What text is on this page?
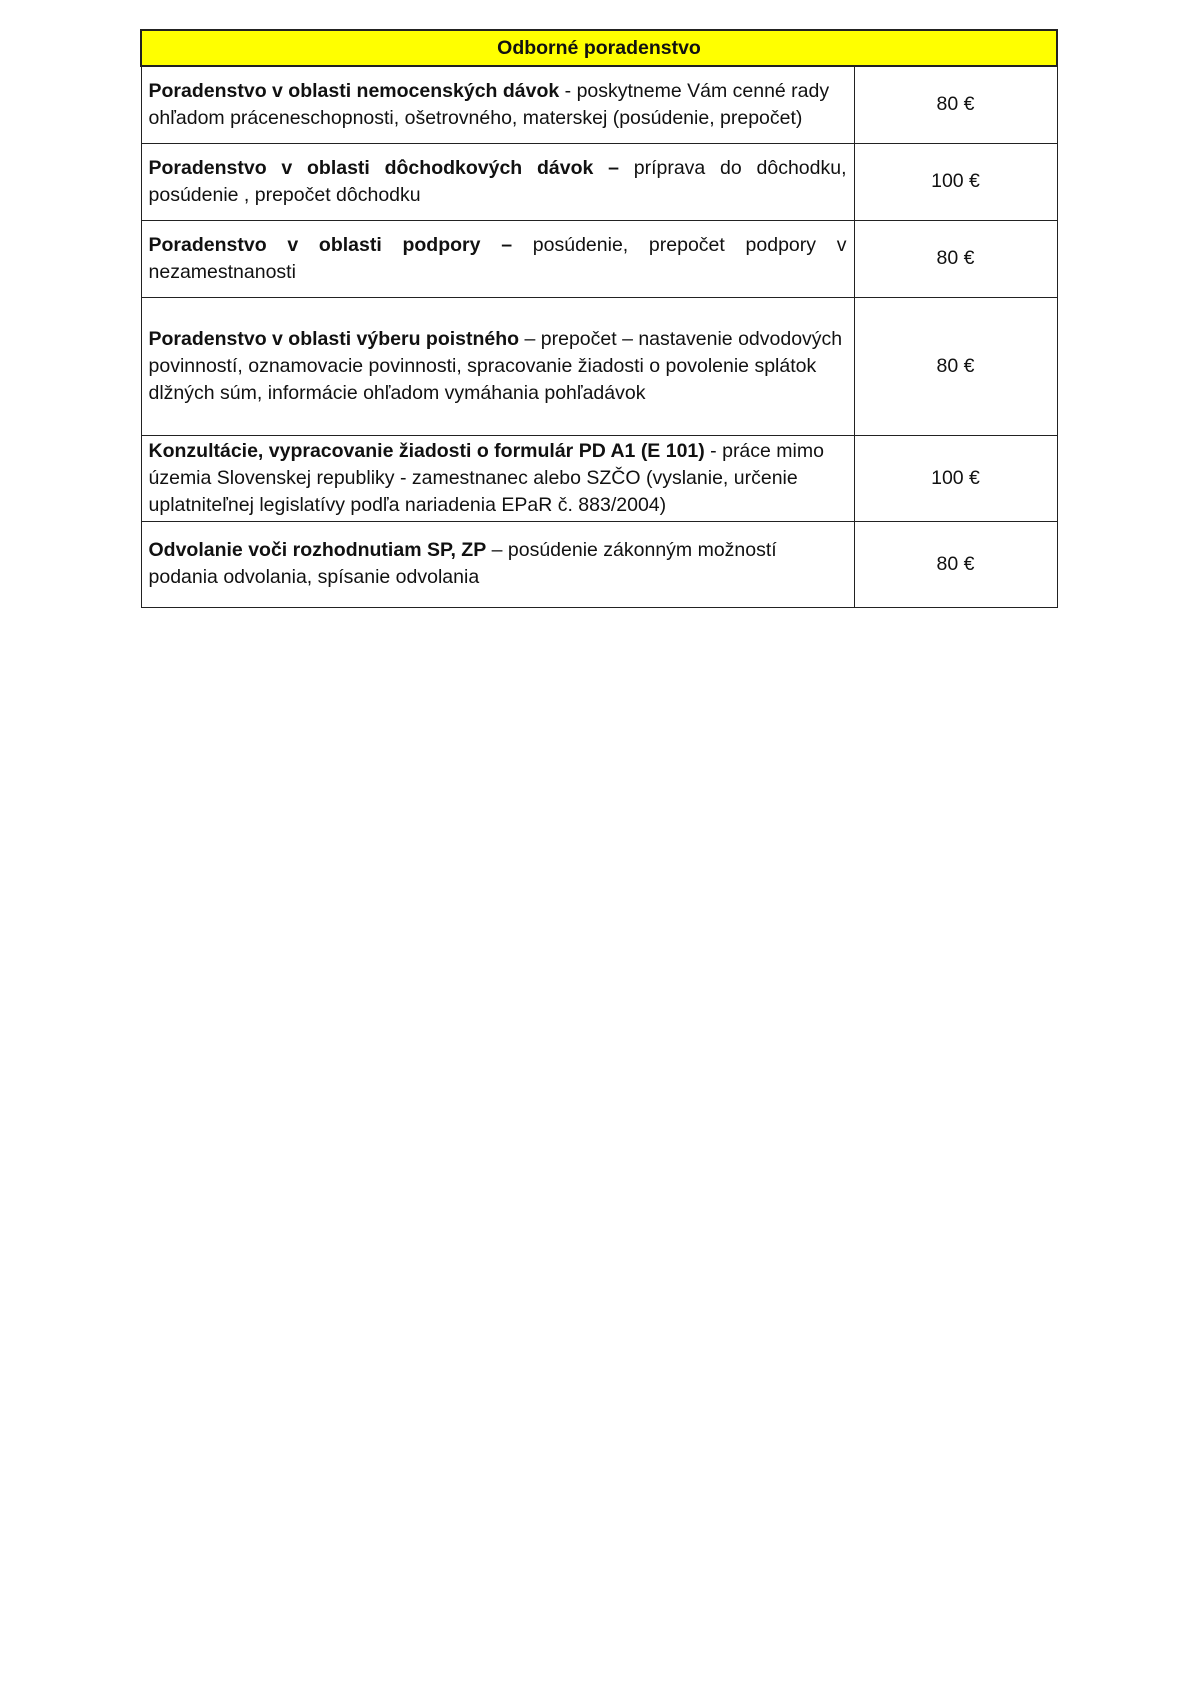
Odborné poradenstvo	
Poradenstvo v oblasti nemocenských dávok - poskytneme Vám cenné rady ohľadom práceneschopnosti, ošetrovného, materskej (posúdenie, prepočet)	80 €
Poradenstvo v oblasti dôchodkových dávok – príprava do dôchodku, posúdenie , prepočet dôchodku	100 €
Poradenstvo v oblasti podpory – posúdenie, prepočet podpory v nezamestnanosti	80 €
Poradenstvo v oblasti výberu poistného – prepočet – nastavenie odvodových povinností, oznamovacie povinnosti, spracovanie žiadosti o povolenie splátok dlžných súm, informácie ohľadom vymáhania pohľadávok	80 €
Konzultácie, vypracovanie žiadosti o formulár PD A1 (E 101) - práce mimo územia Slovenskej republiky - zamestnanec alebo SZČO (vyslanie, určenie uplatniteľnej legislatívy podľa nariadenia EPaR č. 883/2004)	100 €
Odvolanie voči rozhodnutiam SP, ZP – posúdenie zákonným možností podania odvolania, spísanie odvolania	80 €
